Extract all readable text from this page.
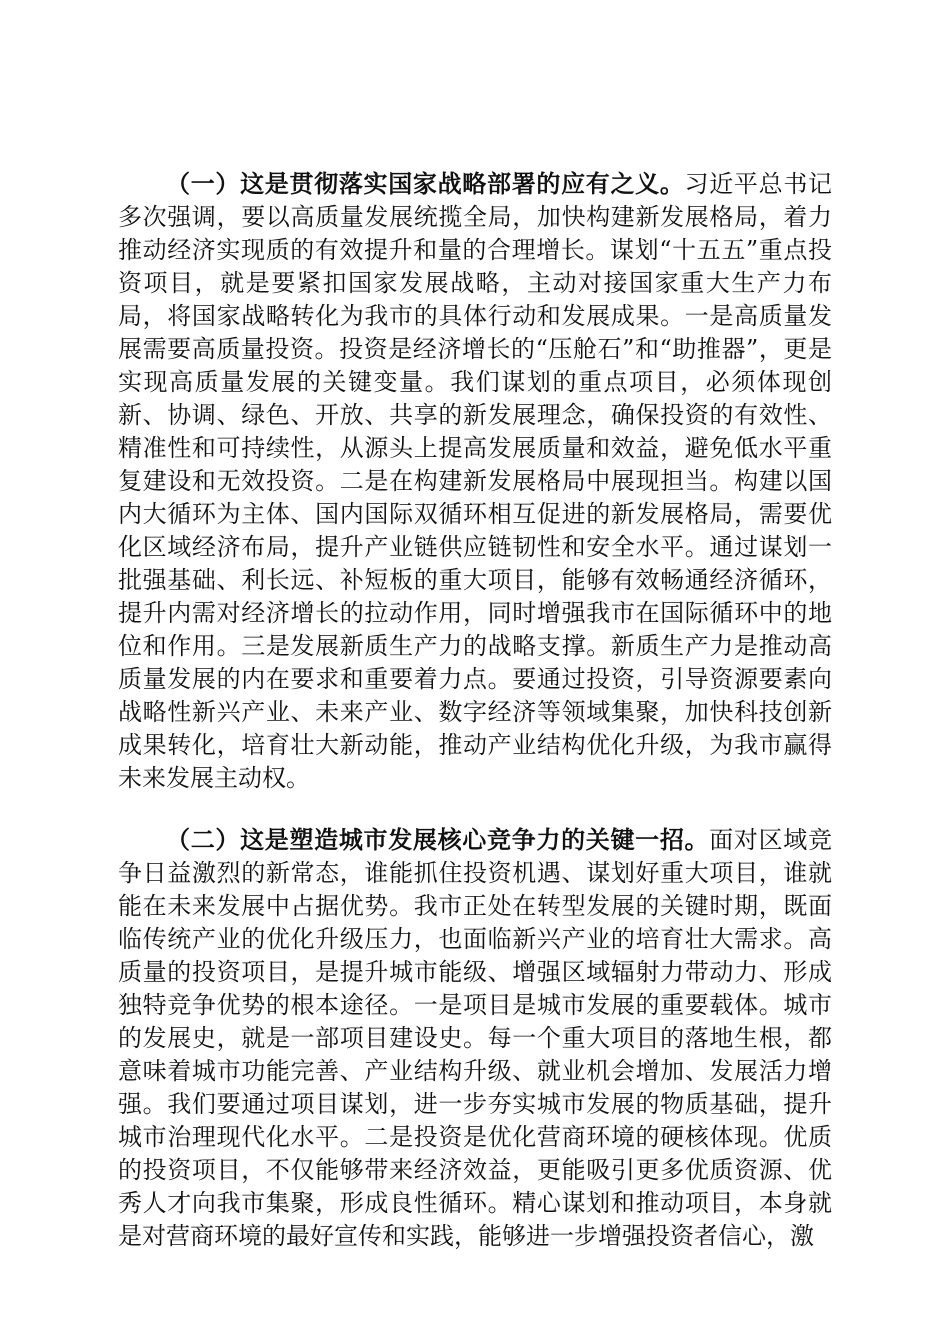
（一）这是贯彻落实国家战略部署的应有之义。习近平总书记多次强调，要以高质量发展统揽全局，加快构建新发展格局，着力推动经济实现质的有效提升和量的合理增长。谋划“十五五”重点投资项目，就是要紧扣国家发展战略，主动对接国家重大生产力布局，将国家战略转化为我市的具体行动和发展成果。一是高质量发展需要高质量投资。投资是经济增长的“压舱石”和“助推器”，更是实现高质量发展的关键变量。我们谋划的重点项目，必须体现创新、协调、绿色、开放、共享的新发展理念，确保投资的有效性、精准性和可持续性，从源头上提高发展质量和效益，避免低水平重复建设和无效投资。二是在构建新发展格局中展现担当。构建以国内大循环为主体、国内国际双循环相互促进的新发展格局，需要优化区域经济布局，提升产业链供应链韧性和安全水平。通过谋划一批强基础、利长远、补短板的重大项目，能够有效畅通经济循环，提升内需对经济增长的拉动作用，同时增强我市在国际循环中的地位和作用。三是发展新质生产力的战略支撑。新质生产力是推动高质量发展的内在要求和重要着力点。要通过投资，引导资源要素向战略性新兴产业、未来产业、数字经济等领域集聚，加快科技创新成果转化，培育壮大新动能，推动产业结构优化升级，为我市赢得未来发展主动权。

（二）这是塑造城市发展核心竞争力的关键一招。面对区域竞争日益激烈的新常态，谁能抓住投资机遇、谋划好重大项目，谁就能在未来发展中占据优势。我市正处在转型发展的关键时期，既面临传统产业的优化升级压力，也面临新兴产业的培育壮大需求。高质量的投资项目，是提升城市能级、增强区域辐射力带动力、形成独特竞争优势的根本途径。一是项目是城市发展的重要载体。城市的发展史，就是一部项目建设史。每一个重大项目的落地生根，都意味着城市功能完善、产业结构升级、就业机会增加、发展活力增强。我们要通过项目谋划，进一步夯实城市发展的物质基础，提升城市治理现代化水平。二是投资是优化营商环境的硬核体现。优质的投资项目，不仅能够带来经济效益，更能吸引更多优质资源、优秀人才向我市集聚，形成良性循环。精心谋划和推动项目，本身就是对营商环境的最好宣传和实践，能够进一步增强投资者信心，激
